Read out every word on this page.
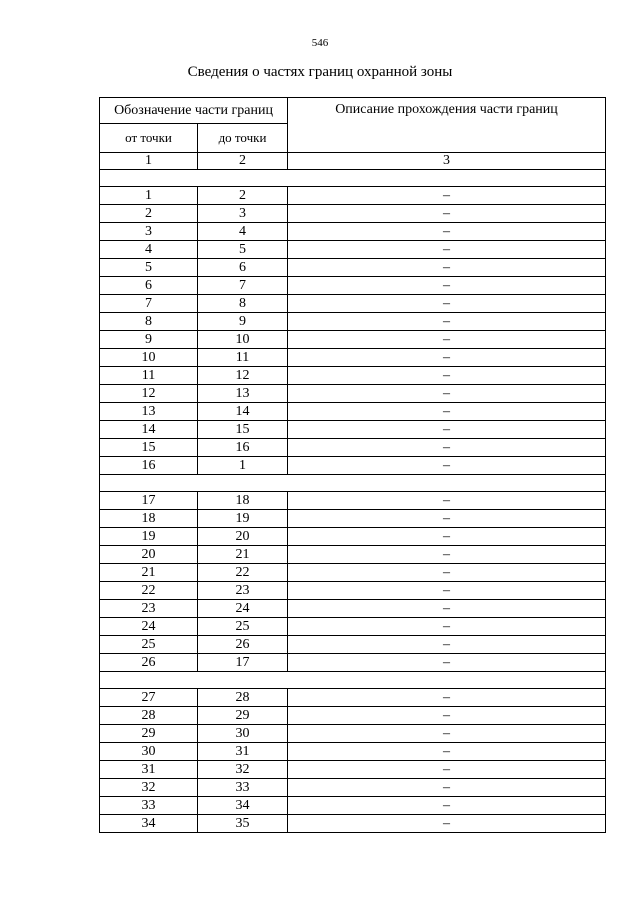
546
Сведения о частях границ охранной зоны
Обозначение части границ		Описание прохождения части границ
от точки	до точки	
1	2	3

1	2	–
2	3	–
3	4	–
4	5	–
5	6	–
6	7	–
7	8	–
8	9	–
9	10	–
10	11	–
11	12	–
12	13	–
13	14	–
14	15	–
15	16	–
16	1	–

17	18	–
18	19	–
19	20	–
20	21	–
21	22	–
22	23	–
23	24	–
24	25	–
25	26	–
26	17	–

27	28	–
28	29	–
29	30	–
30	31	–
31	32	–
32	33	–
33	34	–
34	35	–
